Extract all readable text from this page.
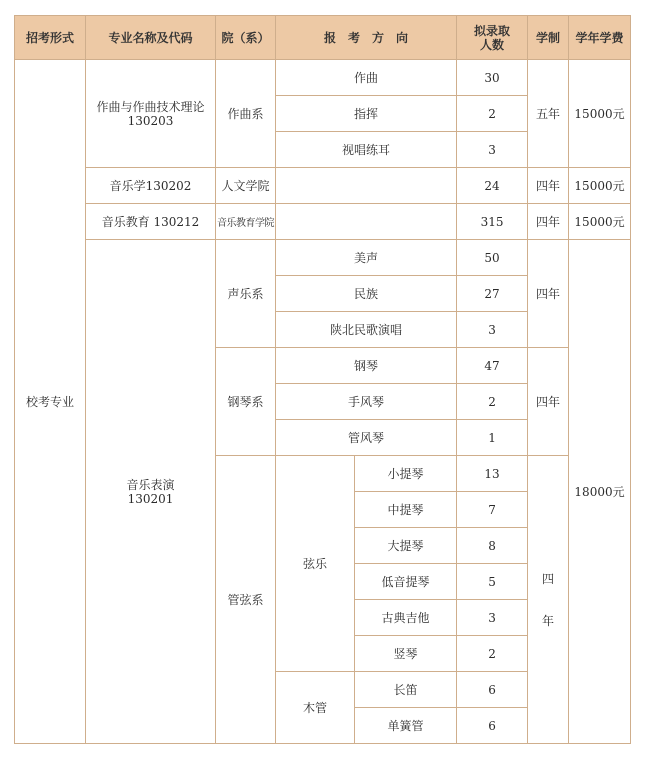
招考形式	专业名称及代码	院（系）	报　考　方　向		拟录取
人数	学制	学年学费
校考专业	作曲与作曲技术理论
130203	作曲系	作曲		30	五年	15000元
			指挥		2		
			视唱练耳		3		
	音乐学130202	人文学院			24	四年	15000元
	音乐教育 130212	音乐教育学院			315	四年	15000元

	音乐表演
130201	声乐系	美声		50	四年	18000元
			民族		27		
			陕北民歌演唱		3		
		钢琴系	钢琴		47	四年	
			手风琴		2		
			管风琴		1		
		管弦系	弦乐	小提琴	13	四
年	

				中提琴	7		
				大提琴	8		
				低音提琴	5		
				古典吉他	3		
				竖琴	2		
			木管	长笛	6		
				单簧管	6		
